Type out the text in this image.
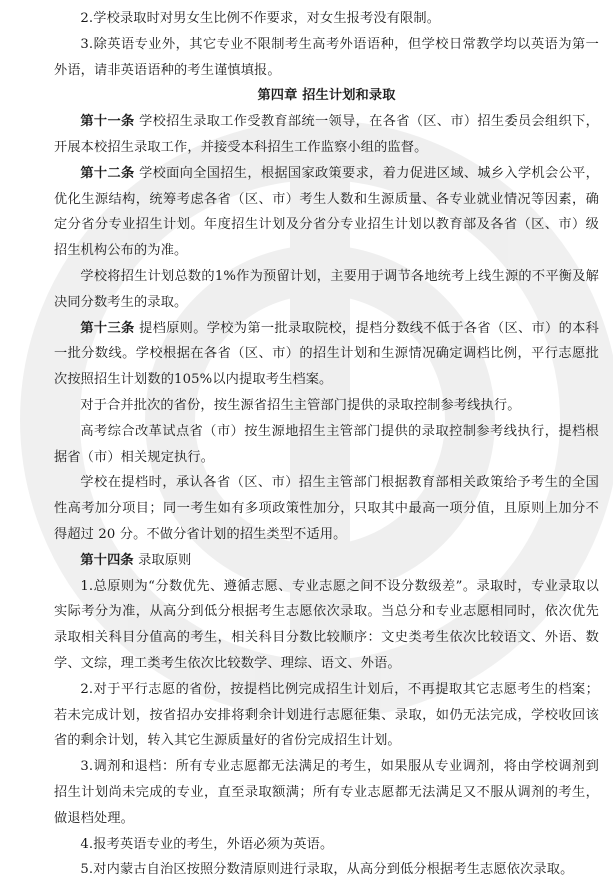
2.学校录取时对男女生比例不作要求，对女生报考没有限制。

3.除英语专业外，其它专业不限制考生高考外语语种，但学校日常教学均以英语为第一外语，请非英语语种的考生谨慎填报。

第四章 招生计划和录取

第十一条 学校招生录取工作受教育部统一领导，在各省（区、市）招生委员会组织下，开展本校招生录取工作，并接受本科招生工作监察小组的监督。

第十二条 学校面向全国招生，根据国家政策要求，着力促进区域、城乡入学机会公平，优化生源结构，统筹考虑各省（区、市）考生人数和生源质量、各专业就业情况等因素，确定分省分专业招生计划。年度招生计划及分省分专业招生计划以教育部及各省（区、市）级招生机构公布的为准。

学校将招生计划总数的1%作为预留计划，主要用于调节各地统考上线生源的不平衡及解决同分数考生的录取。

第十三条 提档原则。学校为第一批录取院校，提档分数线不低于各省（区、市）的本科一批分数线。学校根据在各省（区、市）的招生计划和生源情况确定调档比例，平行志愿批次按照招生计划数的105%以内提取考生档案。

对于合并批次的省份，按生源省招生主管部门提供的录取控制参考线执行。

高考综合改革试点省（市）按生源地招生主管部门提供的录取控制参考线执行，提档根据省（市）相关规定执行。

学校在提档时，承认各省（区、市）招生主管部门根据教育部相关政策给予考生的全国性高考加分项目；同一考生如有多项政策性加分，只取其中最高一项分值，且原则上加分不得超过 20 分。不做分省计划的招生类型不适用。

第十四条 录取原则

1.总原则为“分数优先、遵循志愿、专业志愿之间不设分数级差”。录取时，专业录取以实际考分为准，从高分到低分根据考生志愿依次录取。当总分和专业志愿相同时，依次优先录取相关科目分值高的考生，相关科目分数比较顺序：文史类考生依次比较语文、外语、数学、文综，理工类考生依次比较数学、理综、语文、外语。

2.对于平行志愿的省份，按提档比例完成招生计划后，不再提取其它志愿考生的档案；若未完成计划，按省招办安排将剩余计划进行志愿征集、录取，如仍无法完成，学校收回该省的剩余计划，转入其它生源质量好的省份完成招生计划。

3.调剂和退档：所有专业志愿都无法满足的考生，如果服从专业调剂，将由学校调剂到招生计划尚未完成的专业，直至录取额满；所有专业志愿都无法满足又不服从调剂的考生，做退档处理。

4.报考英语专业的考生，外语必须为英语。

5.对内蒙古自治区按照分数清原则进行录取，从高分到低分根据考生志愿依次录取。
